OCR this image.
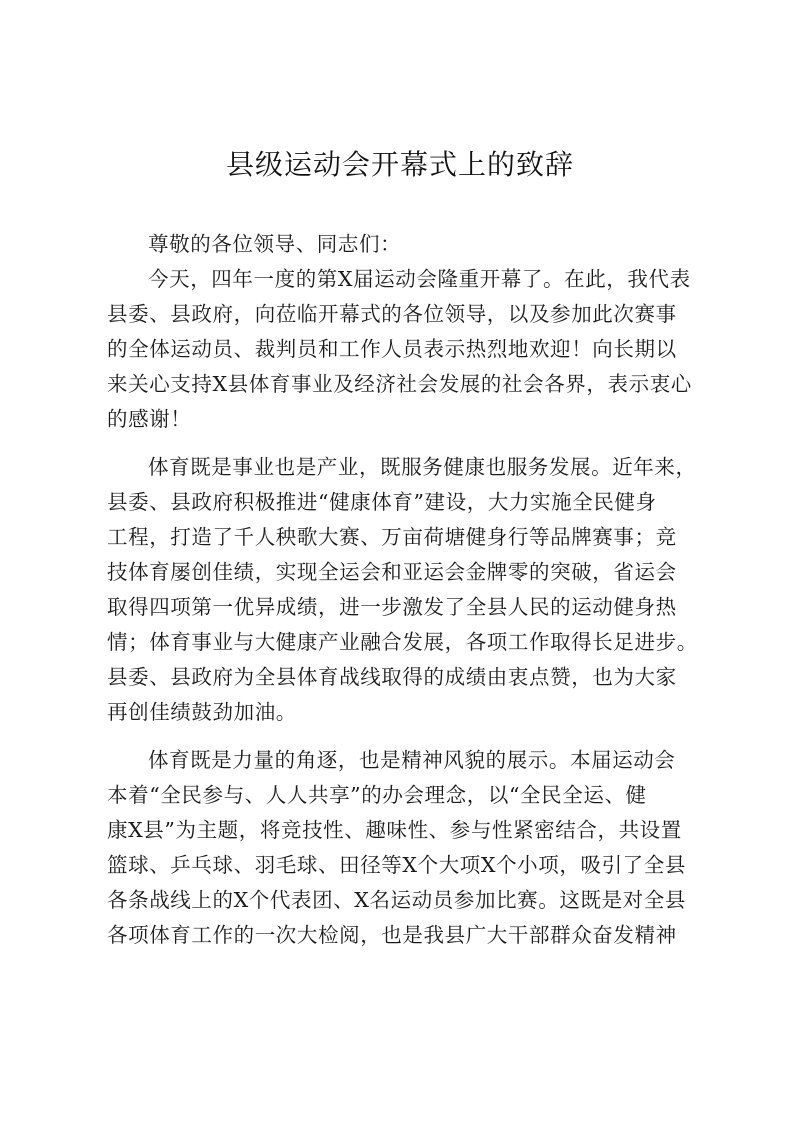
县级运动会开幕式上的致辞
尊敬的各位领导、同志们：
今天，四年一度的第X届运动会隆重开幕了。在此，我代表
县委、县政府，向莅临开幕式的各位领导，以及参加此次赛事
的全体运动员、裁判员和工作人员表示热烈地欢迎！向长期以
来关心支持X县体育事业及经济社会发展的社会各界，表示衷心
的感谢！
体育既是事业也是产业，既服务健康也服务发展。近年来，
县委、县政府积极推进“健康体育”建设，大力实施全民健身
工程，打造了千人秧歌大赛、万亩荷塘健身行等品牌赛事；竞
技体育屡创佳绩，实现全运会和亚运会金牌零的突破，省运会
取得四项第一优异成绩，进一步激发了全县人民的运动健身热
情；体育事业与大健康产业融合发展，各项工作取得长足进步。
县委、县政府为全县体育战线取得的成绩由衷点赞，也为大家
再创佳绩鼓劲加油。
体育既是力量的角逐，也是精神风貌的展示。本届运动会
本着“全民参与、人人共享”的办会理念，以“全民全运、健
康X县”为主题，将竞技性、趣味性、参与性紧密结合，共设置
篮球、乒乓球、羽毛球、田径等X个大项X个小项，吸引了全县
各条战线上的X个代表团、X名运动员参加比赛。这既是对全县
各项体育工作的一次大检阅，也是我县广大干部群众奋发精神
